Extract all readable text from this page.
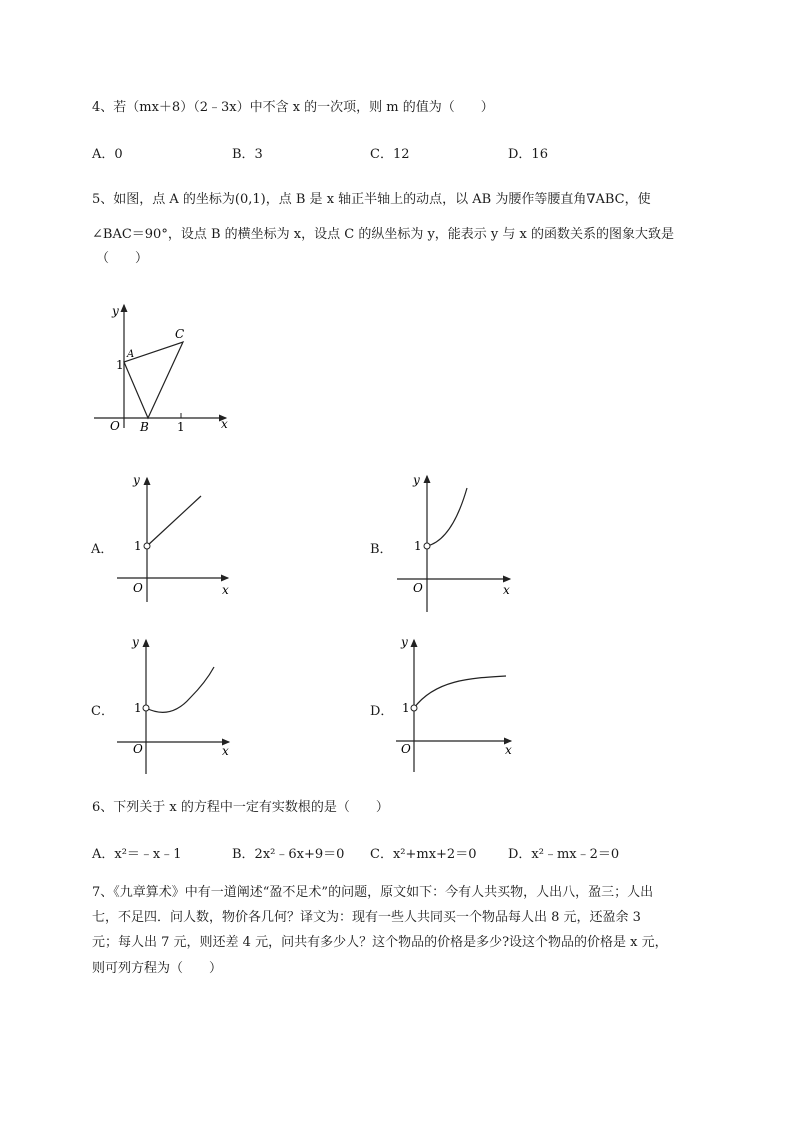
4、若（mx＋8）（2﹣3x）中不含 x 的一次项，则 m 的值为（　　）
A．0	B．3	C．12	D．16
5、如图，点 A 的坐标为(0,1)，点 B 是 x 轴正半轴上的动点，以 AB 为腰作等腰直角∇ABC，使
∠BAC＝90°，设点 B 的横坐标为 x，设点 C 的纵坐标为 y，能表示 y 与 x 的函数关系的图象大致是
（　　）
y
x
O
A
B
C
1
1
y
x
O
1
y
x
O
1
y
x
O
1
y
x
O
1
A．	B．
C．	D．
6、下列关于 x 的方程中一定有实数根的是（　　）
A．x²＝﹣x﹣1	B．2x²﹣6x+9＝0 C．x²+mx+2＝0 D．x²﹣mx﹣2＝0
7、《九章算术》中有一道阐述“盈不足术”的问题，原文如下：今有人共买物，人出八，盈三；人出
七，不足四．问人数，物价各几何？译文为：现有一些人共同买一个物品每人出 8 元，还盈余 3
元；每人出 7 元，则还差 4 元，问共有多少人？这个物品的价格是多少?设这个物品的价格是 x 元，
则可列方程为（　　）
